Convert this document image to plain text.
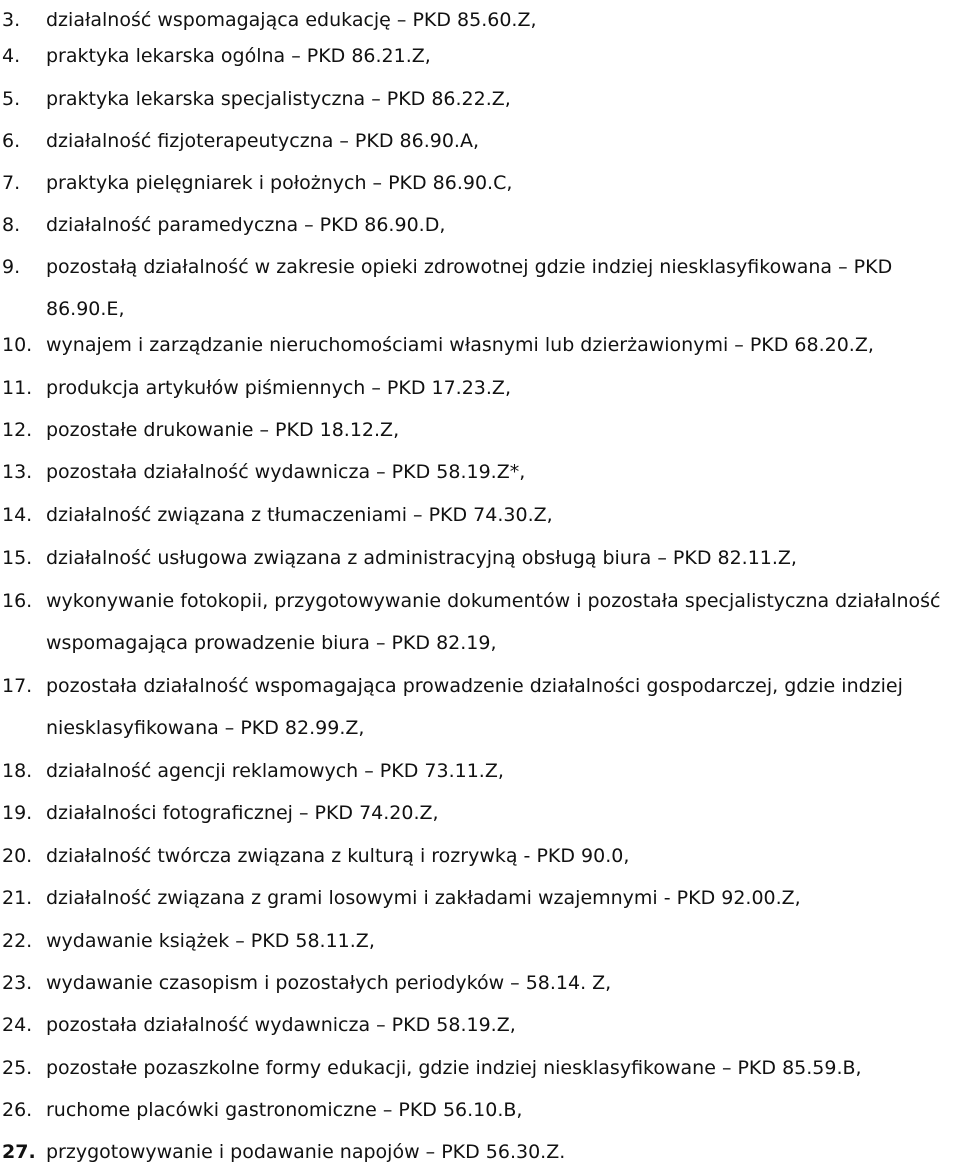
3. działalność wspomagająca edukację – PKD 85.60.Z,
4. praktyka lekarska ogólna – PKD 86.21.Z,
5. praktyka lekarska specjalistyczna – PKD 86.22.Z,
6. działalność fizjoterapeutyczna – PKD 86.90.A,
7. praktyka pielęgniarek i położnych – PKD 86.90.C,
8. działalność paramedyczna – PKD 86.90.D,
9. pozostałą działalność w zakresie opieki zdrowotnej gdzie indziej niesklasyfikowana – PKD 86.90.E,
10. wynajem i zarządzanie nieruchomościami własnymi lub dzierżawionymi – PKD 68.20.Z,
11. produkcja artykułów piśmiennych – PKD 17.23.Z,
12. pozostałe drukowanie – PKD 18.12.Z,
13. pozostała działalność wydawnicza – PKD 58.19.Z*,
14. działalność związana z tłumaczeniami – PKD 74.30.Z,
15. działalność usługowa związana z administracyjną obsługą biura – PKD 82.11.Z,
16. wykonywanie fotokopii, przygotowywanie dokumentów i pozostała specjalistyczna działalność wspomagająca prowadzenie biura – PKD 82.19,
17. pozostała działalność wspomagająca prowadzenie działalności gospodarczej, gdzie indziej niesklasyfikowana – PKD 82.99.Z,
18. działalność agencji reklamowych – PKD 73.11.Z,
19. działalności fotograficznej – PKD 74.20.Z,
20. działalność twórcza związana z kulturą i rozrywką - PKD 90.0,
21. działalność związana z grami losowymi i zakładami wzajemnymi - PKD 92.00.Z,
22. wydawanie książek – PKD 58.11.Z,
23. wydawanie czasopism i pozostałych periodyków – 58.14. Z,
24. pozostała działalność wydawnicza – PKD 58.19.Z,
25. pozostałe pozaszkolne formy edukacji, gdzie indziej niesklasyfikowane – PKD 85.59.B,
26. ruchome placówki gastronomiczne – PKD 56.10.B,
27. przygotowywanie i podawanie napojów – PKD 56.30.Z.
